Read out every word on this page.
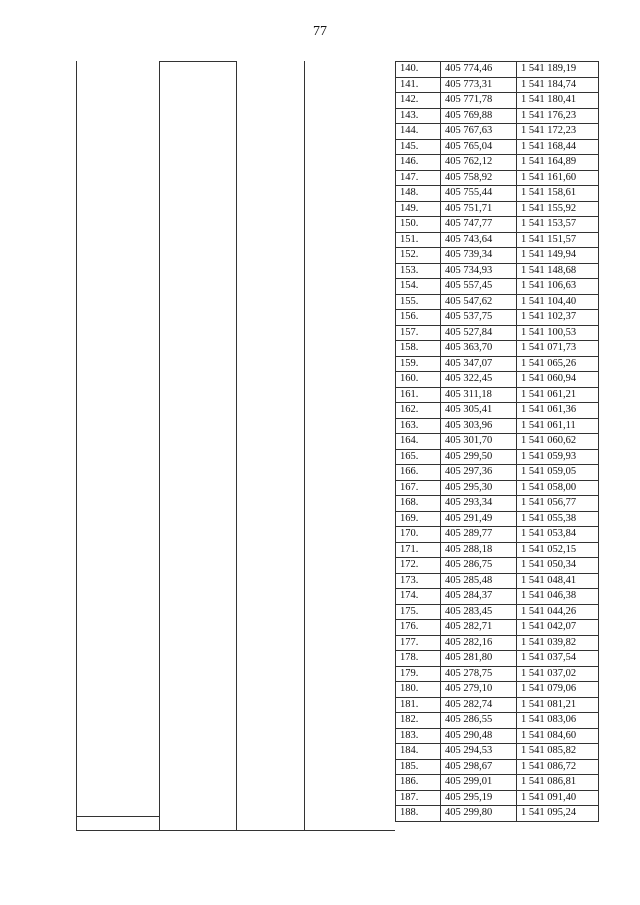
77
140.	405 774,46	1 541 189,19
141.	405 773,31	1 541 184,74
142.	405 771,78	1 541 180,41
143.	405 769,88	1 541 176,23
144.	405 767,63	1 541 172,23
145.	405 765,04	1 541 168,44
146.	405 762,12	1 541 164,89
147.	405 758,92	1 541 161,60
148.	405 755,44	1 541 158,61
149.	405 751,71	1 541 155,92
150.	405 747,77	1 541 153,57
151.	405 743,64	1 541 151,57
152.	405 739,34	1 541 149,94
153.	405 734,93	1 541 148,68
154.	405 557,45	1 541 106,63
155.	405 547,62	1 541 104,40
156.	405 537,75	1 541 102,37
157.	405 527,84	1 541 100,53
158.	405 363,70	1 541 071,73
159.	405 347,07	1 541 065,26
160.	405 322,45	1 541 060,94
161.	405 311,18	1 541 061,21
162.	405 305,41	1 541 061,36
163.	405 303,96	1 541 061,11
164.	405 301,70	1 541 060,62
165.	405 299,50	1 541 059,93
166.	405 297,36	1 541 059,05
167.	405 295,30	1 541 058,00
168.	405 293,34	1 541 056,77
169.	405 291,49	1 541 055,38
170.	405 289,77	1 541 053,84
171.	405 288,18	1 541 052,15
172.	405 286,75	1 541 050,34
173.	405 285,48	1 541 048,41
174.	405 284,37	1 541 046,38
175.	405 283,45	1 541 044,26
176.	405 282,71	1 541 042,07
177.	405 282,16	1 541 039,82
178.	405 281,80	1 541 037,54
179.	405 278,75	1 541 037,02
180.	405 279,10	1 541 079,06
181.	405 282,74	1 541 081,21
182.	405 286,55	1 541 083,06
183.	405 290,48	1 541 084,60
184.	405 294,53	1 541 085,82
185.	405 298,67	1 541 086,72
186.	405 299,01	1 541 086,81
187.	405 295,19	1 541 091,40
188.	405 299,80	1 541 095,24
